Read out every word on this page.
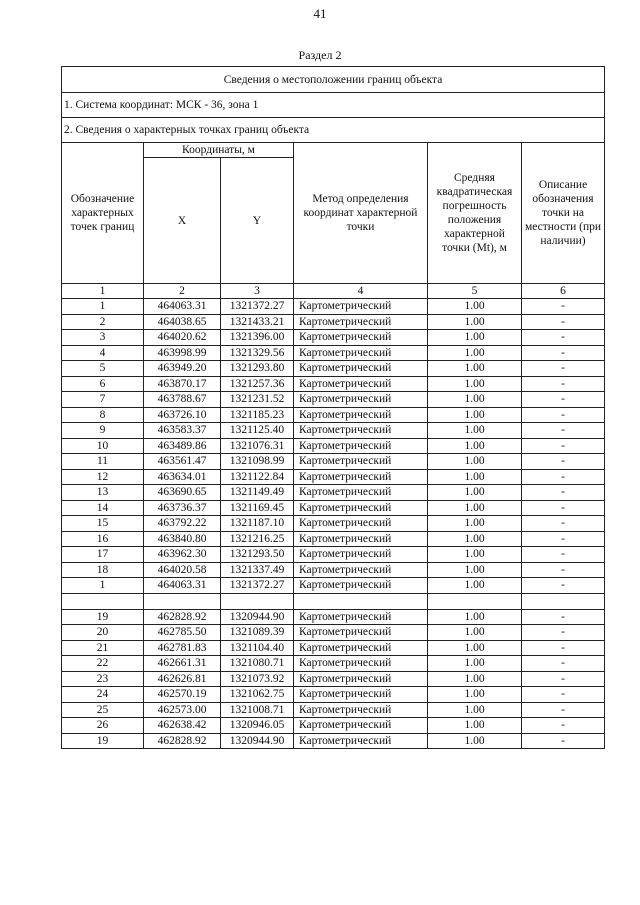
41
Раздел 2
Сведения о местоположении границ объекта					
1. Система координат: МСК - 36, зона 1					
2. Сведения о характерных точках границ объекта					
Обозначение характерных точек границ	Координаты, м		Метод определения координат характерной точки	Средняя квадратическая погрешность положения характерной точки (Mt), м	Описание обозначения точки на местности (при наличии)
	X	Y			
1	2	3	4	5	6
1	464063.31	1321372.27	Картометрический	1.00	-
2	464038.65	1321433.21	Картометрический	1.00	-
3	464020.62	1321396.00	Картометрический	1.00	-
4	463998.99	1321329.56	Картометрический	1.00	-
5	463949.20	1321293.80	Картометрический	1.00	-
6	463870.17	1321257.36	Картометрический	1.00	-
7	463788.67	1321231.52	Картометрический	1.00	-
8	463726.10	1321185.23	Картометрический	1.00	-
9	463583.37	1321125.40	Картометрический	1.00	-
10	463489.86	1321076.31	Картометрический	1.00	-
11	463561.47	1321098.99	Картометрический	1.00	-
12	463634.01	1321122.84	Картометрический	1.00	-
13	463690.65	1321149.49	Картометрический	1.00	-
14	463736.37	1321169.45	Картометрический	1.00	-
15	463792.22	1321187.10	Картометрический	1.00	-
16	463840.80	1321216.25	Картометрический	1.00	-
17	463962.30	1321293.50	Картометрический	1.00	-
18	464020.58	1321337.49	Картометрический	1.00	-
1	464063.31	1321372.27	Картометрический	1.00	-

19	462828.92	1320944.90	Картометрический	1.00	-
20	462785.50	1321089.39	Картометрический	1.00	-
21	462781.83	1321104.40	Картометрический	1.00	-
22	462661.31	1321080.71	Картометрический	1.00	-
23	462626.81	1321073.92	Картометрический	1.00	-
24	462570.19	1321062.75	Картометрический	1.00	-
25	462573.00	1321008.71	Картометрический	1.00	-
26	462638.42	1320946.05	Картометрический	1.00	-
19	462828.92	1320944.90	Картометрический	1.00	-
